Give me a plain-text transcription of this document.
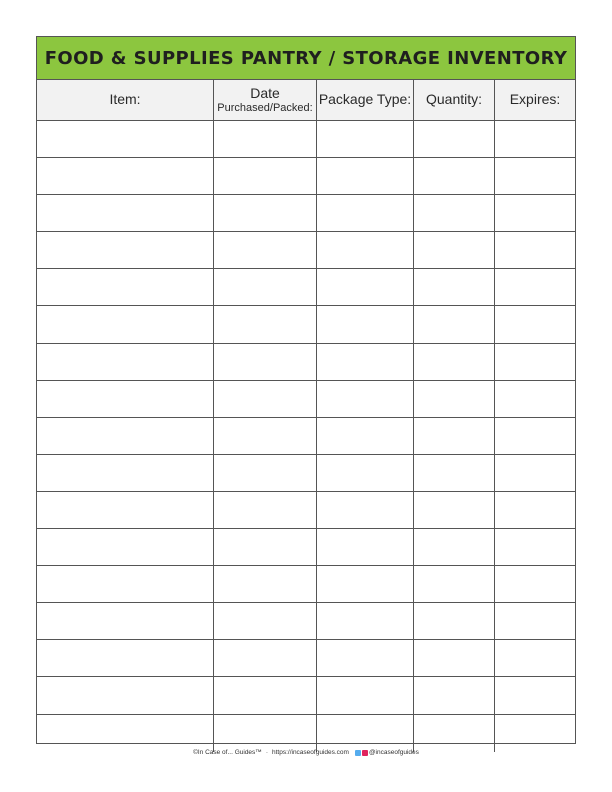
FOOD & SUPPLIES PANTRY / STORAGE INVENTORY
Item:	Date
Purchased/Packed:
Package Type: Quantity: Expires:
©In Case of... Guides™ · https://incaseofguides.com	@incaseofguides
